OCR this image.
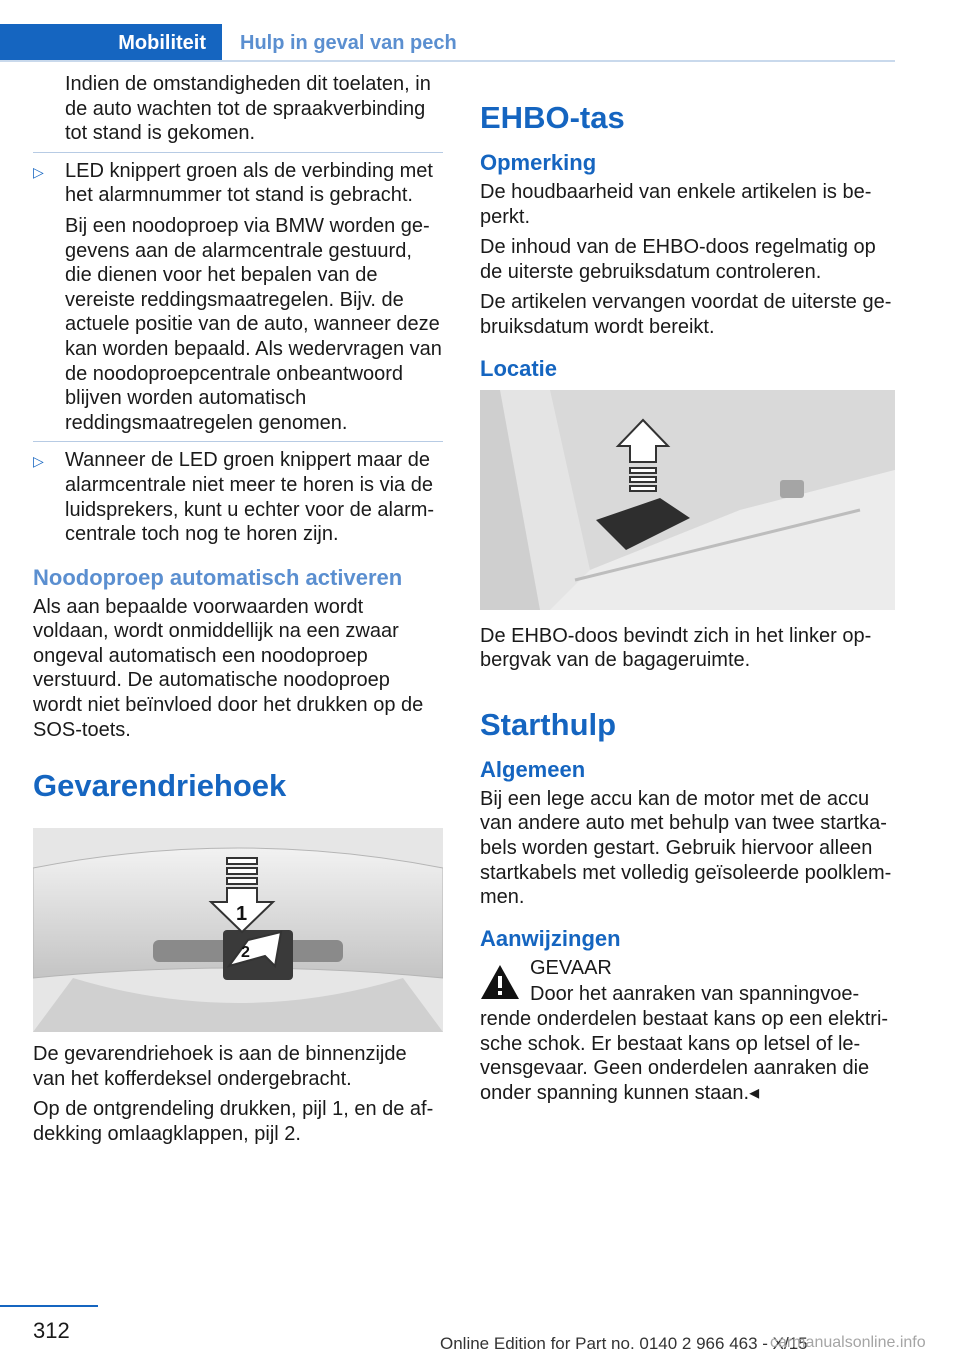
Mobiliteit Hulp in geval van pech

Indien de omstandigheden dit toelaten, in de auto wachten tot de spraakverbinding tot stand is gekomen.

▷ LED knippert groen als de verbinding met het alarmnummer tot stand is gebracht.

Bij een noodoproep via BMW worden gegevens aan de alarmcentrale gestuurd, die dienen voor het bepalen van de vereiste reddingsmaatregelen. Bijv. de actuele positie van de auto, wanneer deze kan worden bepaald. Als wedervragen van de noodoproepcentrale onbeantwoord blijven worden automatisch reddingsmaatregelen genomen.

▷ Wanneer de LED groen knippert maar de alarmcentrale niet meer te horen is via de luidsprekers, kunt u echter voor de alarmcentrale toch nog te horen zijn.

Noodoproep automatisch activeren

Als aan bepaalde voorwaarden wordt voldaan, wordt onmiddellijk na een zwaar ongeval automatisch een noodoproep verstuurd. De automatische noodoproep wordt niet beïnvloed door het drukken op de SOS-toets.

Gevarendriehoek
1
2

De gevarendriehoek is aan de binnenzijde van het kofferdeksel ondergebracht.

Op de ontgrendeling drukken, pijl 1, en de afdekking omlaagklappen, pijl 2.

EHBO-tas
Opmerking

De houdbaarheid van enkele artikelen is beperkt.

De inhoud van de EHBO-doos regelmatig op de uiterste gebruiksdatum controleren.

De artikelen vervangen voordat de uiterste gebruiksdatum wordt bereikt.

Locatie

De EHBO-doos bevindt zich in het linker opbergvak van de bagageruimte.

Starthulp
Algemeen

Bij een lege accu kan de motor met de accu van andere auto met behulp van twee startkabels worden gestart. Gebruik hiervoor alleen startkabels met volledig geïsoleerde poolklemmen.

Aanwijzingen

GEVAAR

Door het aanraken van spanningvoerende onderdelen bestaat kans op een elektrische schok. Er bestaat kans op letsel of levensgevaar. Geen onderdelen aanraken die onder spanning kunnen staan.◂

312
Online Edition for Part no. 0140 2 966 463 - X/15
carmanualsonline.info
